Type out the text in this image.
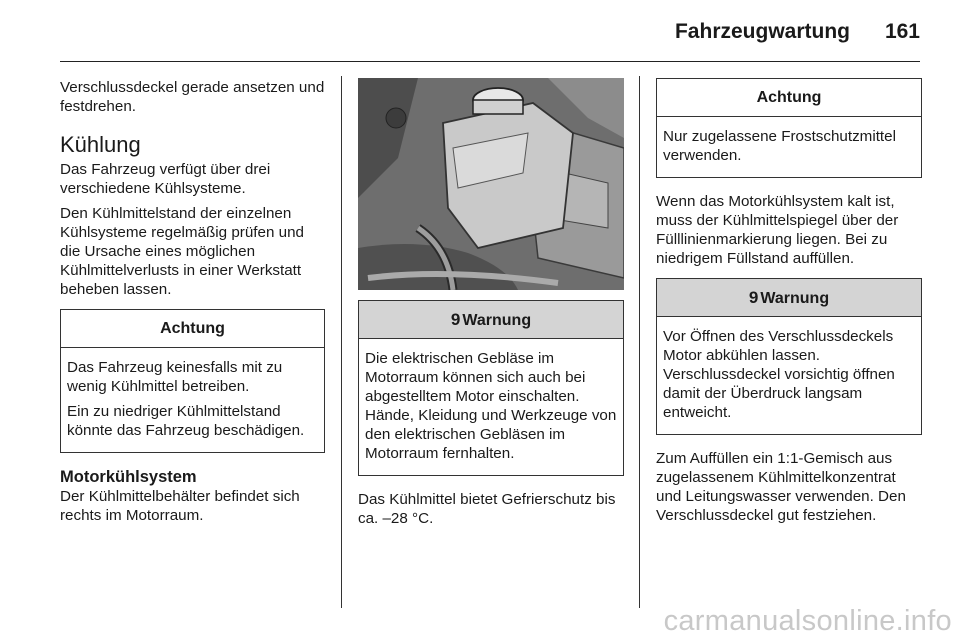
Fahrzeugwartung 161

Verschlussdeckel gerade ansetzen und festdrehen.

Kühlung

Das Fahrzeug verfügt über drei verschiedene Kühlsysteme.

Den Kühlmittelstand der einzelnen Kühlsysteme regelmäßig prüfen und die Ursache eines möglichen Kühlmittelverlusts in einer Werkstatt beheben lassen.

Achtung

Das Fahrzeug keinesfalls mit zu wenig Kühlmittel betreiben.

Ein zu niedriger Kühlmittelstand könnte das Fahrzeug beschädigen.

Motorkühlsystem

Der Kühlmittelbehälter befindet sich rechts im Motorraum.

9 Warnung

Die elektrischen Gebläse im Motorraum können sich auch bei abgestelltem Motor einschalten. Hände, Kleidung und Werkzeuge von den elektrischen Gebläsen im Motorraum fernhalten.

Das Kühlmittel bietet Gefrierschutz bis ca. –28 °C.

Achtung

Nur zugelassene Frostschutzmittel verwenden.

Wenn das Motorkühlsystem kalt ist, muss der Kühlmittelspiegel über der Fülllinienmarkierung liegen. Bei zu niedrigem Füllstand auffüllen.

9 Warnung

Vor Öffnen des Verschlussdeckels Motor abkühlen lassen. Verschlussdeckel vorsichtig öffnen damit der Überdruck langsam entweicht.

Zum Auffüllen ein 1:1-Gemisch aus zugelassenem Kühlmittelkonzentrat und Leitungswasser verwenden. Den Verschlussdeckel gut festziehen.

carmanualsonline.info
